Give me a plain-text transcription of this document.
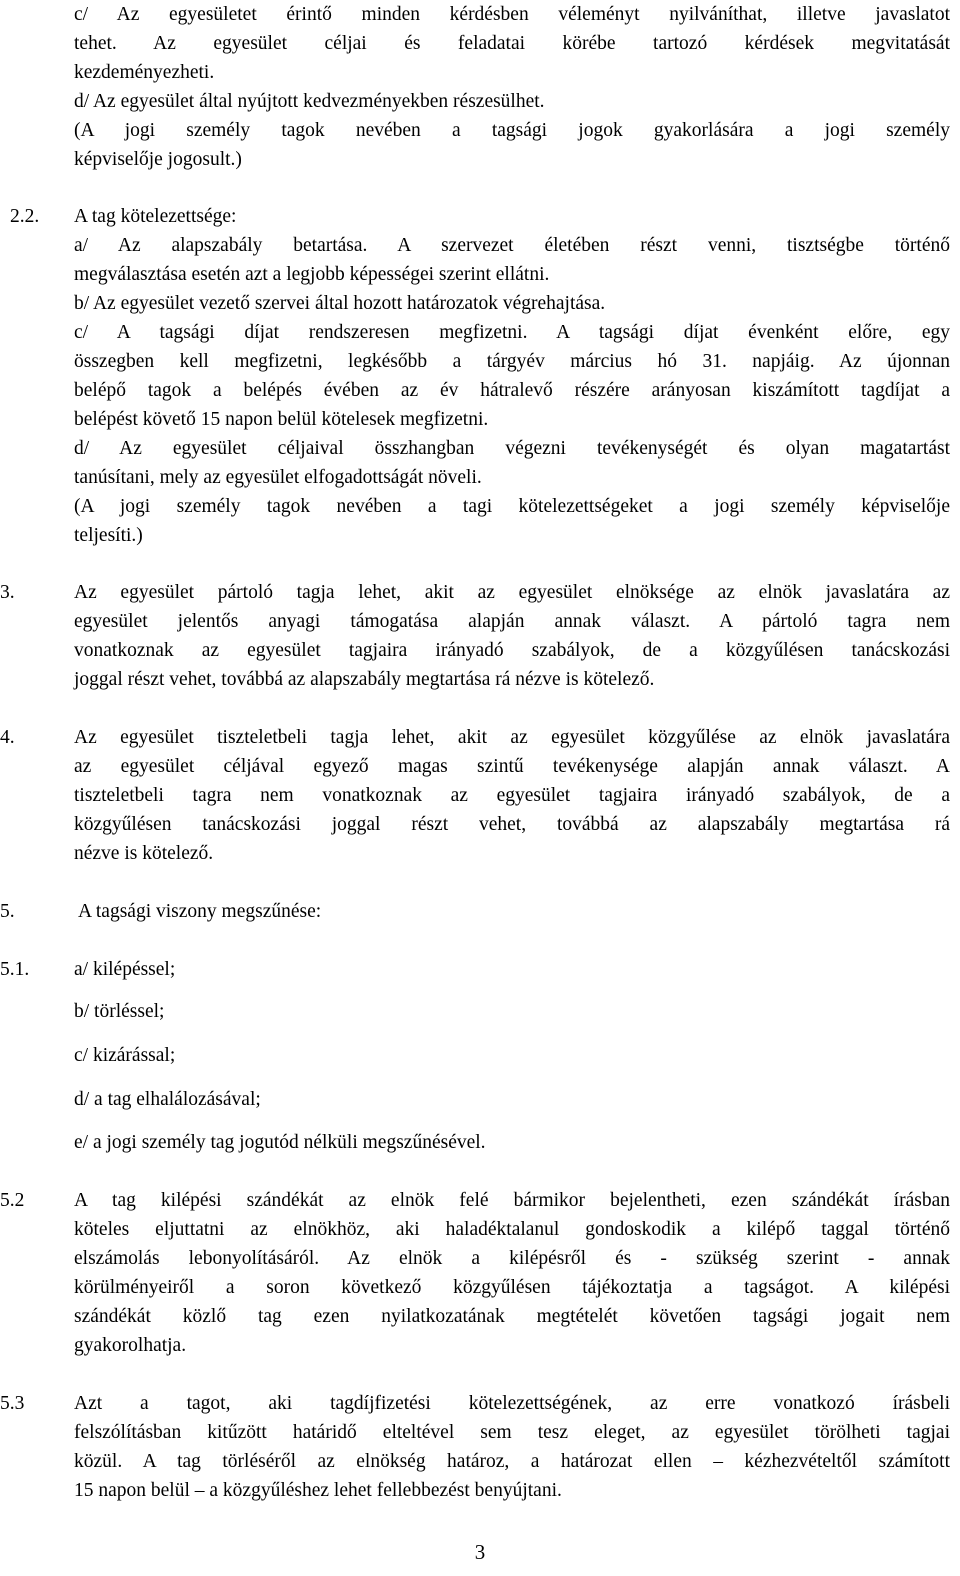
c/ Az egyesületet érintő minden kérdésben véleményt nyilváníthat, illetve javaslatot
tehet. Az egyesület céljai és feladatai körébe tartozó kérdések megvitatását
kezdeményezheti.
d/ Az egyesület által nyújtott kedvezményekben részesülhet.
(A jogi személy tagok nevében a tagsági jogok gyakorlására a jogi személy
képviselője jogosult.)
2.2. A tag kötelezettsége:
a/ Az alapszabály betartása. A szervezet életében részt venni, tisztségbe történő
megválasztása esetén azt a legjobb képességei szerint ellátni.
b/ Az egyesület vezető szervei által hozott határozatok végrehajtása.
c/ A tagsági díjat rendszeresen megfizetni. A tagsági díjat évenként előre, egy
összegben kell megfizetni, legkésőbb a tárgyév március hó 31. napjáig. Az újonnan
belépő tagok a belépés évében az év hátralevő részére arányosan kiszámított tagdíjat a
belépést követő 15 napon belül kötelesek megfizetni.
d/ Az egyesület céljaival összhangban végezni tevékenységét és olyan magatartást
tanúsítani, mely az egyesület elfogadottságát növeli.
(A jogi személy tagok nevében a tagi kötelezettségeket a jogi személy képviselője
teljesíti.)
3.	Az egyesület pártoló tagja lehet, akit az egyesület elnöksége az elnök javaslatára az
egyesület jelentős anyagi támogatása alapján annak választ. A pártoló tagra nem
vonatkoznak az egyesület tagjaira irányadó szabályok, de a közgyűlésen tanácskozási
joggal részt vehet, továbbá az alapszabály megtartása rá nézve is kötelező.
4.	Az egyesület tiszteletbeli tagja lehet, akit az egyesület közgyűlése az elnök javaslatára
az egyesület céljával egyező magas szintű tevékenysége alapján annak választ. A
tiszteletbeli tagra nem vonatkoznak az egyesület tagjaira irányadó szabályok, de a
közgyűlésen tanácskozási joggal részt vehet, továbbá az alapszabály megtartása rá
nézve is kötelező.
5.	A tagsági viszony megszűnése:
5.1. a/ kilépéssel;
b/ törléssel;
c/ kizárással;
d/ a tag elhalálozásával;
e/ a jogi személy tag jogutód nélküli megszűnésével.
5.2	A tag kilépési szándékát az elnök felé bármikor bejelentheti, ezen szándékát írásban
köteles eljuttatni az elnökhöz, aki haladéktalanul gondoskodik a kilépő taggal történő
elszámolás lebonyolításáról. Az elnök a kilépésről és - szükség szerint - annak
körülményeiről a soron következő közgyűlésen tájékoztatja a tagságot. A kilépési
szándékát közlő tag ezen nyilatkozatának megtételét követően tagsági jogait nem
gyakorolhatja.
5.3	Azt a tagot, aki tagdíjfizetési kötelezettségének, az erre vonatkozó írásbeli
felszólításban kitűzött határidő elteltével sem tesz eleget, az egyesület törölheti tagjai
közül. A tag törléséről az elnökség határoz, a határozat ellen – kézhezvételtől számított
15 napon belül – a közgyűléshez lehet fellebbezést benyújtani.
3
